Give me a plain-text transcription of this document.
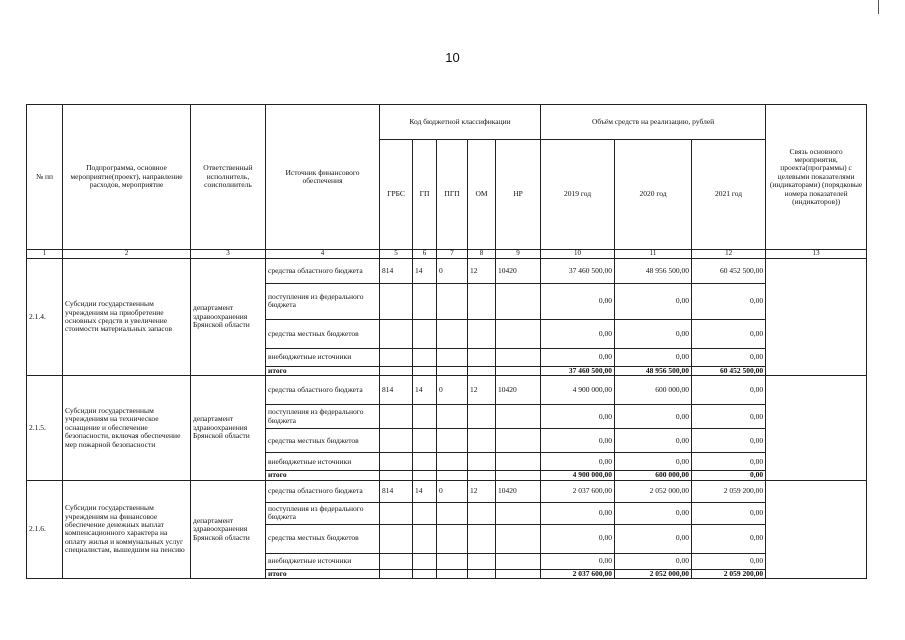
10
№ пп	Подпрограмма, основное мероприятие(проект), направление расходов, мероприятие	Ответственный исполнитель, соисполнитель	Источник финансового обеспечения	Код бюджетной классификации					Объём средств на реализацию, рублей			Связь основного мероприятия, проекта(программы) с целевыми показателями (индикаторами) (порядковые номера показателей (индикаторов))
				ГРБС	ГП	ПГП	ОМ	НР	2019 год	2020 год	2021 год	
1	2	3	4	5	6	7	8	9	10	11	12	13
2.1.4.	Субсидии государственным учреждениям на приобретение основных средств и увеличение стоимости материальных запасов	департамент здравоохранения Брянской области	средства областного бюджета	814	14	0	12	10420	37 460 500,00	48 956 500,00	60 452 500,00	
			поступления из федерального бюджета						0,00	0,00	0,00	
			средства местных бюджетов						0,00	0,00	0,00	
			внебюджетные источники						0,00	0,00	0,00	
			итого						37 460 500,00	48 956 500,00	60 452 500,00	
2.1.5.	Субсидии государственным учреждениям на техническое оснащение и обеспечение безопасности, включая обеспечение мер пожарной безопасности	департамент здравоохранения Брянской области	средства областного бюджета	814	14	0	12	10420	4 900 000,00	600 000,00	0,00	
			поступления из федерального бюджета						0,00	0,00	0,00	
			средства местных бюджетов						0,00	0,00	0,00	
			внебюджетные источники						0,00	0,00	0,00	
			итого						4 900 000,00	600 000,00	0,00	
2.1.6.	Субсидии государственным учреждениям на финансовое обеспечение денежных выплат компенсационного характера на оплату жилья и коммунальных услуг специалистам, вышедшим на пенсию	департамент здравоохранения Брянской области	средства областного бюджета	814	14	0	12	10420	2 037 600,00	2 052 000,00	2 059 200,00	
			поступления из федерального бюджета						0,00	0,00	0,00	
			средства местных бюджетов						0,00	0,00	0,00	
			внебюджетные источники						0,00	0,00	0,00	
			итого						2 037 600,00	2 052 000,00	2 059 200,00	
